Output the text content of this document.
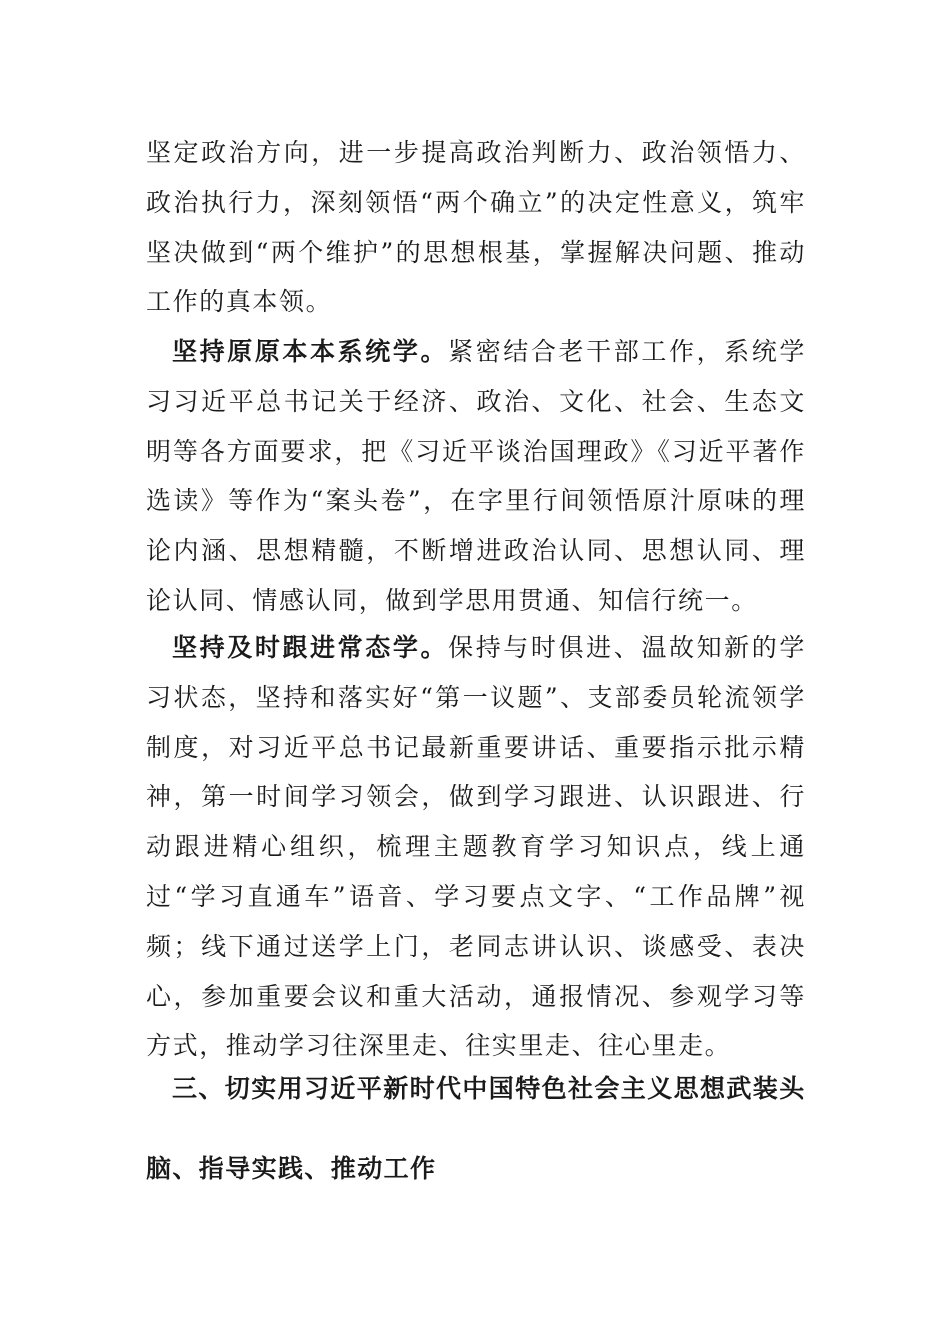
坚定政治方向，进一步提高政治判断力、政治领悟力、政治执行力，深刻领悟“两个确立”的决定性意义，筑牢坚决做到“两个维护”的思想根基，掌握解决问题、推动工作的真本领。

坚持原原本本系统学。紧密结合老干部工作，系统学习习近平总书记关于经济、政治、文化、社会、生态文明等各方面要求，把《习近平谈治国理政》《习近平著作选读》等作为“案头卷”，在字里行间领悟原汁原味的理论内涵、思想精髓，不断增进政治认同、思想认同、理论认同、情感认同，做到学思用贯通、知信行统一。

坚持及时跟进常态学。保持与时俱进、温故知新的学习状态，坚持和落实好“第一议题”、支部委员轮流领学制度，对习近平总书记最新重要讲话、重要指示批示精神，第一时间学习领会，做到学习跟进、认识跟进、行动跟进精心组织，梳理主题教育学习知识点，线上通过“学习直通车”语音、学习要点文字、“工作品牌”视频；线下通过送学上门，老同志讲认识、谈感受、表决心，参加重要会议和重大活动，通报情况、参观学习等方式，推动学习往深里走、往实里走、往心里走。

三、切实用习近平新时代中国特色社会主义思想武装头

脑、指导实践、推动工作
